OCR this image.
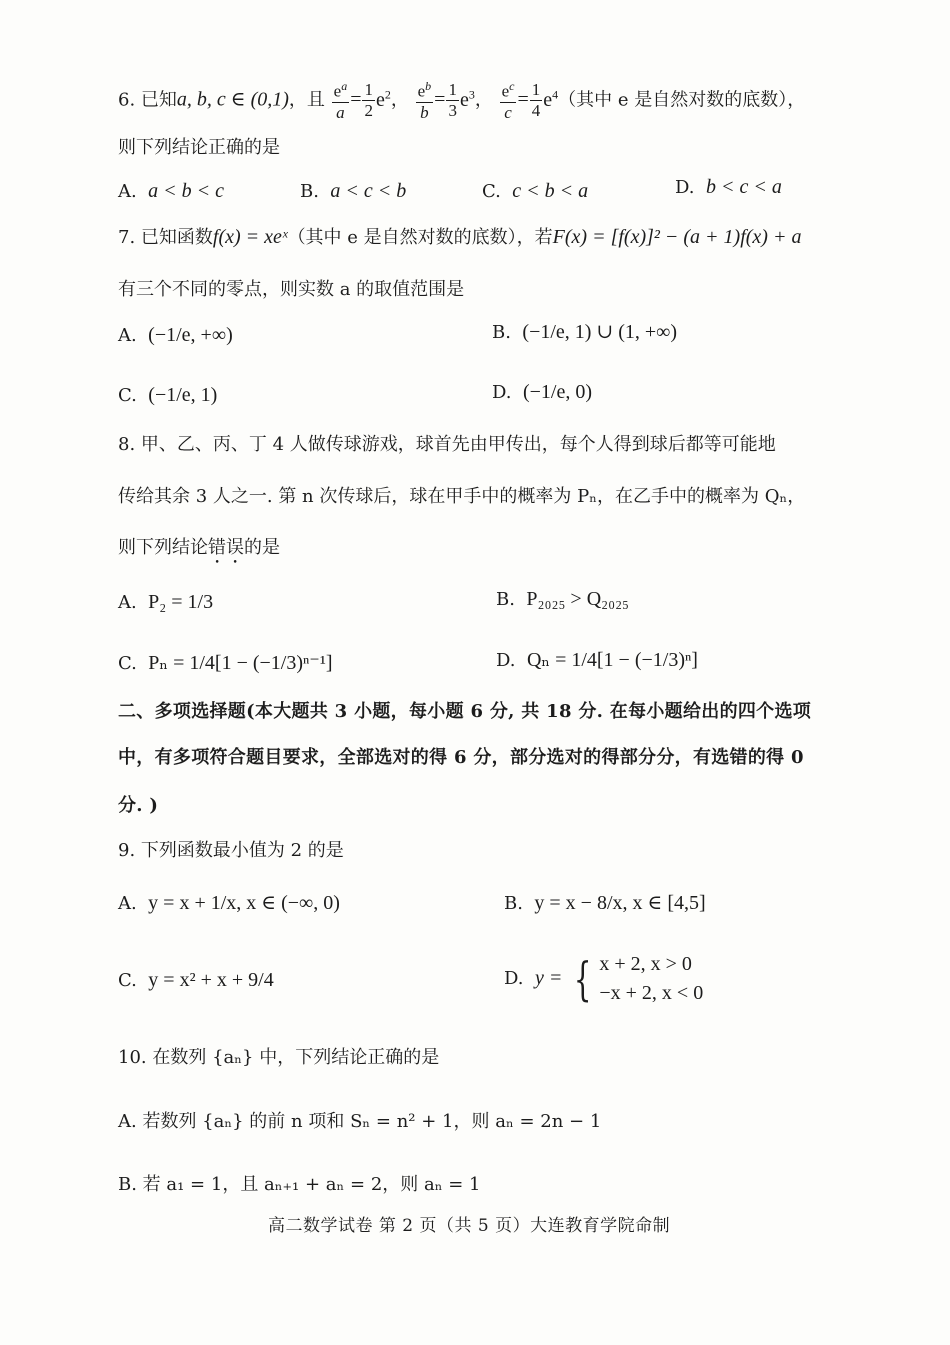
6. 已知a, b, c ∈ (0,1)，且 $\frac{e^a}{a} = \frac{1}{2} e^2$， $\frac{e^b}{b} = \frac{1}{3} e^3$， $\frac{e^c}{c} = \frac{1}{4} e^4$（其中 e 是自然对数的底数），
则下列结论正确的是
A.  a < b < c	B.  a < c < b	C.  c < b < a	D.  b < c < a
7. 已知函数f(x) = xeˣ（其中 e 是自然对数的底数），若F(x) = [f(x)]² − (a + 1)f(x) + a
有三个不同的零点，则实数 a 的取值范围是
A.  (−1/e, +∞)	B.  (−1/e, 1) ∪ (1, +∞)
C.  (−1/e, 1)	D.  (−1/e, 0)
8. 甲、乙、丙、丁 4 人做传球游戏，球首先由甲传出，每个人得到球后都等可能地
传给其余 3 人之一. 第 n 次传球后，球在甲手中的概率为 Pₙ，在乙手中的概率为 Qₙ，
则下列结论错误的是
A.  P₂ = 1/3	B.  P₂₀₂₅ > Q₂₀₂₅
C.  Pₙ = 1/4[1 − (−1/3)ⁿ⁻¹]	D.  Qₙ = 1/4[1 − (−1/3)ⁿ]
二、多项选择题(本大题共 3 小题，每小题 6 分, 共 18 分. 在每小题给出的四个选项
中，有多项符合题目要求，全部选对的得 6 分，部分选对的得部分分，有选错的得 0
分. )
9. 下列函数最小值为 2 的是
A.  y = x + 1/x, x ∈ (−∞, 0)	B.  y = x − 8/x, x ∈ [4,5]
C.  y = x² + x + 9/4	D.  y = { x + 2, x > 0
−x + 2, x < 0
10. 在数列 {aₙ} 中，下列结论正确的是
A. 若数列 {aₙ} 的前 n 项和 Sₙ = n² + 1，则 aₙ = 2n − 1
B. 若 a₁ = 1，且 aₙ₊₁ + aₙ = 2，则 aₙ = 1
高二数学试卷 第 2 页（共 5 页）大连教育学院命制
